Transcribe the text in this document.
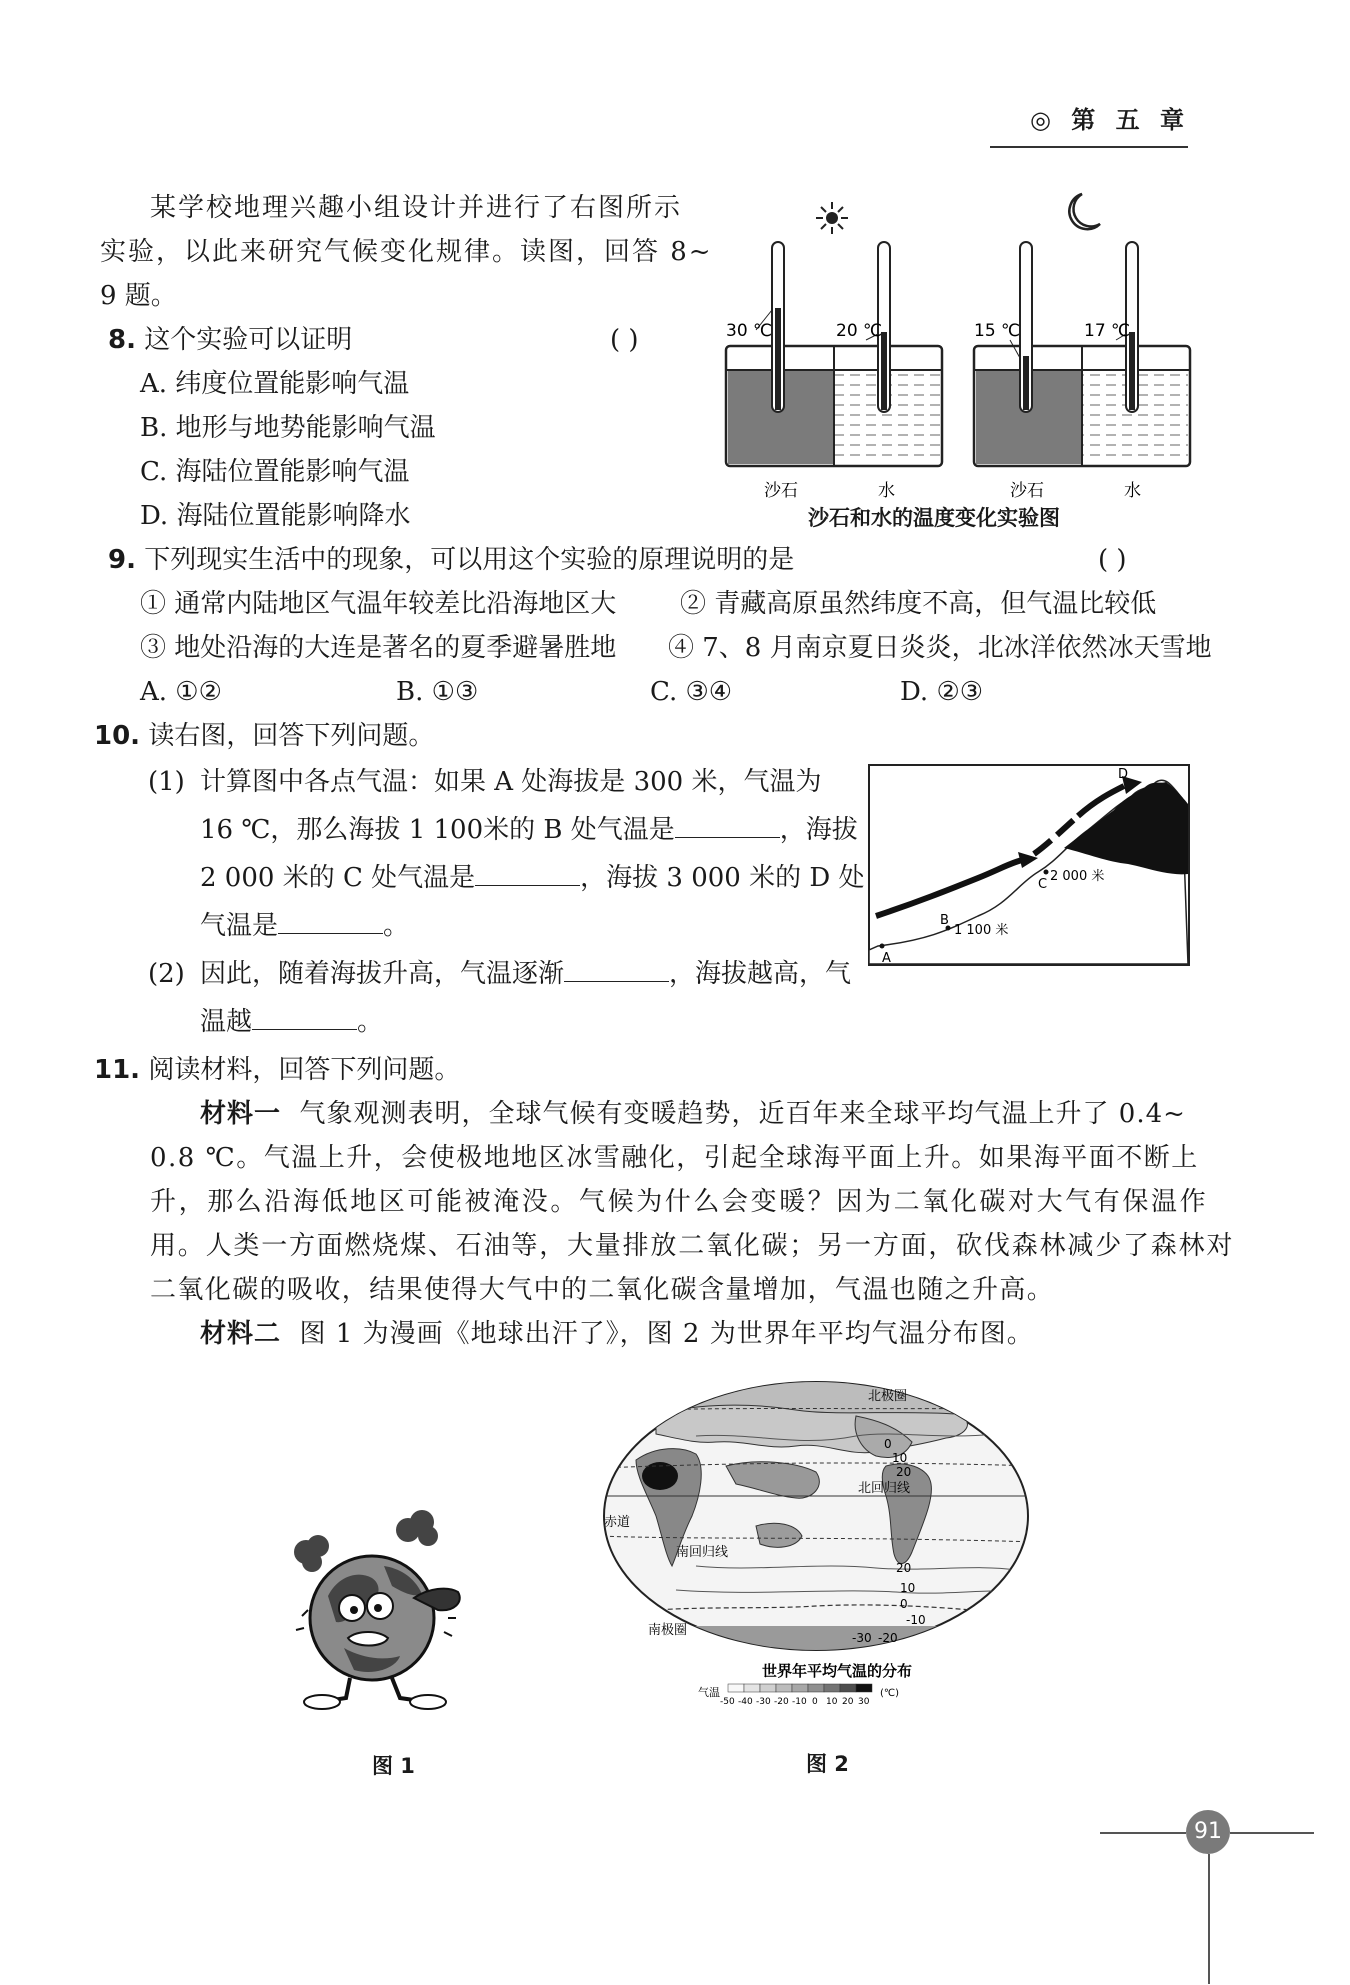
◎ 第 五 章
某学校地理兴趣小组设计并进行了右图所示
实验，以此来研究气候变化规律。读图，回答 8~
9 题。
8. 这个实验可以证明	( )
A. 纬度位置能影响气温
B. 地形与地势能影响气温
C. 海陆位置能影响气温
D. 海陆位置能影响降水
30 ℃	20 ℃
沙石	水
15 ℃	17 ℃
沙石	水
沙石和水的温度变化实验图
9. 下列现实生活中的现象，可以用这个实验的原理说明的是	( )
① 通常内陆地区气温年较差比沿海地区大 ② 青藏高原虽然纬度不高，但气温比较低
③ 地处沿海的大连是著名的夏季避暑胜地 ④ 7、8 月南京夏日炎炎，北冰洋依然冰天雪地
A. ①②	B. ①③	C. ③④	D. ②③
10. 读右图，回答下列问题。
(1) 计算图中各点气温：如果 A 处海拔是 300 米，气温为
16 ℃，那么海拔 1 100米的 B 处气温是	，海拔
2 000 米的 C 处气温是	，海拔 3 000 米的 D 处
气温是	。
(2) 因此，随着海拔升高，气温逐渐	，海拔越高，气
温越	。
A
B
1 100 米
C
2 000 米
D
11. 阅读材料，回答下列问题。
材料一 气象观测表明，全球气候有变暖趋势，近百年来全球平均气温上升了 0.4~
0.8 ℃。气温上升，会使极地地区冰雪融化，引起全球海平面上升。如果海平面不断上
升，那么沿海低地区可能被淹没。气候为什么会变暖？因为二氧化碳对大气有保温作
用。人类一方面燃烧煤、石油等，大量排放二氧化碳；另一方面，砍伐森林减少了森林对
二氧化碳的吸收，结果使得大气中的二氧化碳含量增加，气温也随之升高。
材料二 图 1 为漫画《地球出汗了》，图 2 为世界年平均气温分布图。
图 1
北极圈
0
10
20
北回归线
赤道
南回归线
20
10
0
-10
-30 -20
南极圈
世界年平均气温的分布
气温
-50 -40 -30 -20 -10 0 10 20 30
(℃)
图 2
91
